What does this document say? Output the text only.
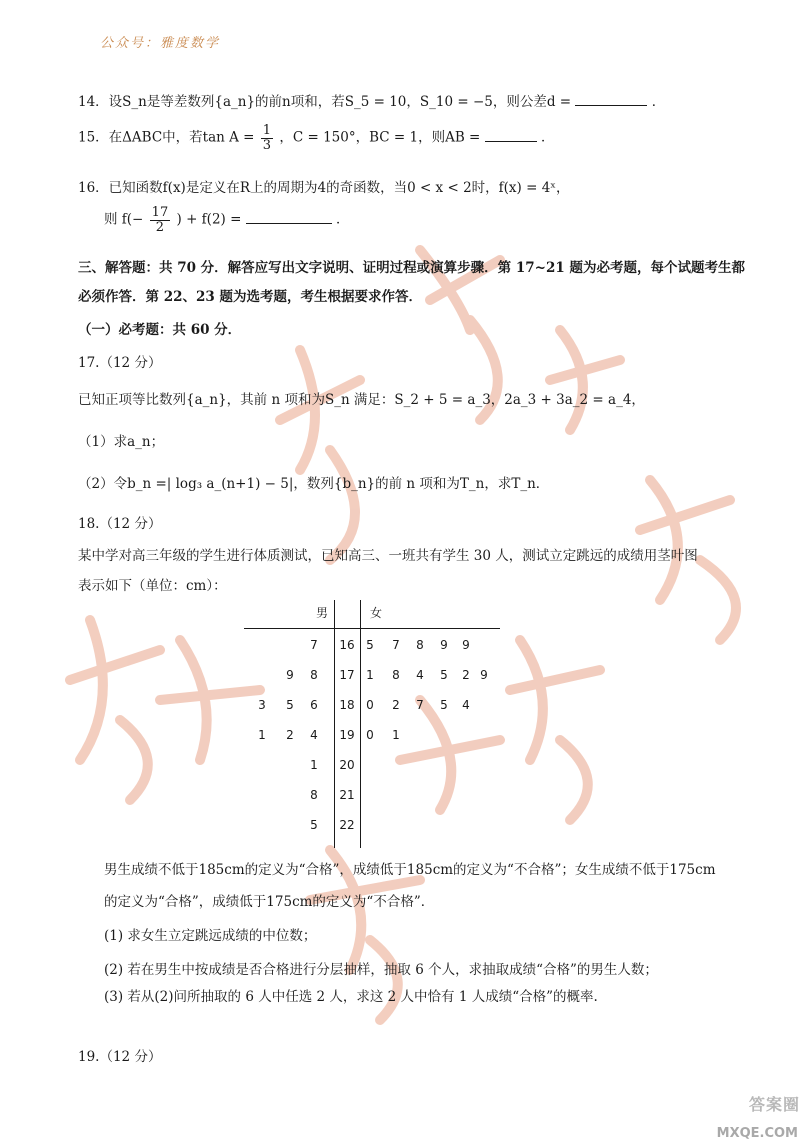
公众号：雅度数学
14．设S_n是等差数列{a_n}的前n项和，若S_5 = 10，S_10 = −5，则公差d =	．
15．在ΔABC中，若$\tan A = \frac{1}{3}$ ，C = 150°，BC = 1，则AB =	．
16．已知函数f(x)是定义在R上的周期为4的奇函数，当0 < x < 2时，f(x) = 4ˣ，
则 $f(- \frac{17}{2}$ ) + f(2) =	．
三、解答题：共 70 分．解答应写出文字说明、证明过程或演算步骤．第 17~21 题为必考题，每个试题考生都
必须作答．第 22、23 题为选考题，考生根据要求作答．
（一）必考题：共 60 分．
17.（12 分）
已知正项等比数列{a_n}，其前 n 项和为S_n 满足：S_2 + 5 = a_3，2a_3 + 3a_2 = a_4，
（1）求a_n；
（2）令b_n =| log₃ a_(n+1) − 5|，数列{b_n}的前 n 项和为T_n，求T_n．
18.（12 分）
某中学对高三年级的学生进行体质测试，已知高三、一班共有学生 30 人，测试立定跳远的成绩用茎叶图
表示如下（单位：cm）：
男	女
7	16 5	7	8	9	9
9	8	17 1	8	4	5	2 9
3	5	6	18 0	2	7	5	4
1	2	4	19 0	1
1	20
8	21
5	22
男生成绩不低于185cm的定义为“合格”，成绩低于185cm的定义为“不合格”；女生成绩不低于175cm
的定义为“合格”，成绩低于175cm的定义为“不合格”．
(1) 求女生立定跳远成绩的中位数；
(2) 若在男生中按成绩是否合格进行分层抽样，抽取 6 个人，求抽取成绩“合格”的男生人数；
(3) 若从(2)问所抽取的 6 人中任选 2 人，求这 2 人中恰有 1 人成绩“合格”的概率.
19.（12 分）
答案圈
MXQE.COM
